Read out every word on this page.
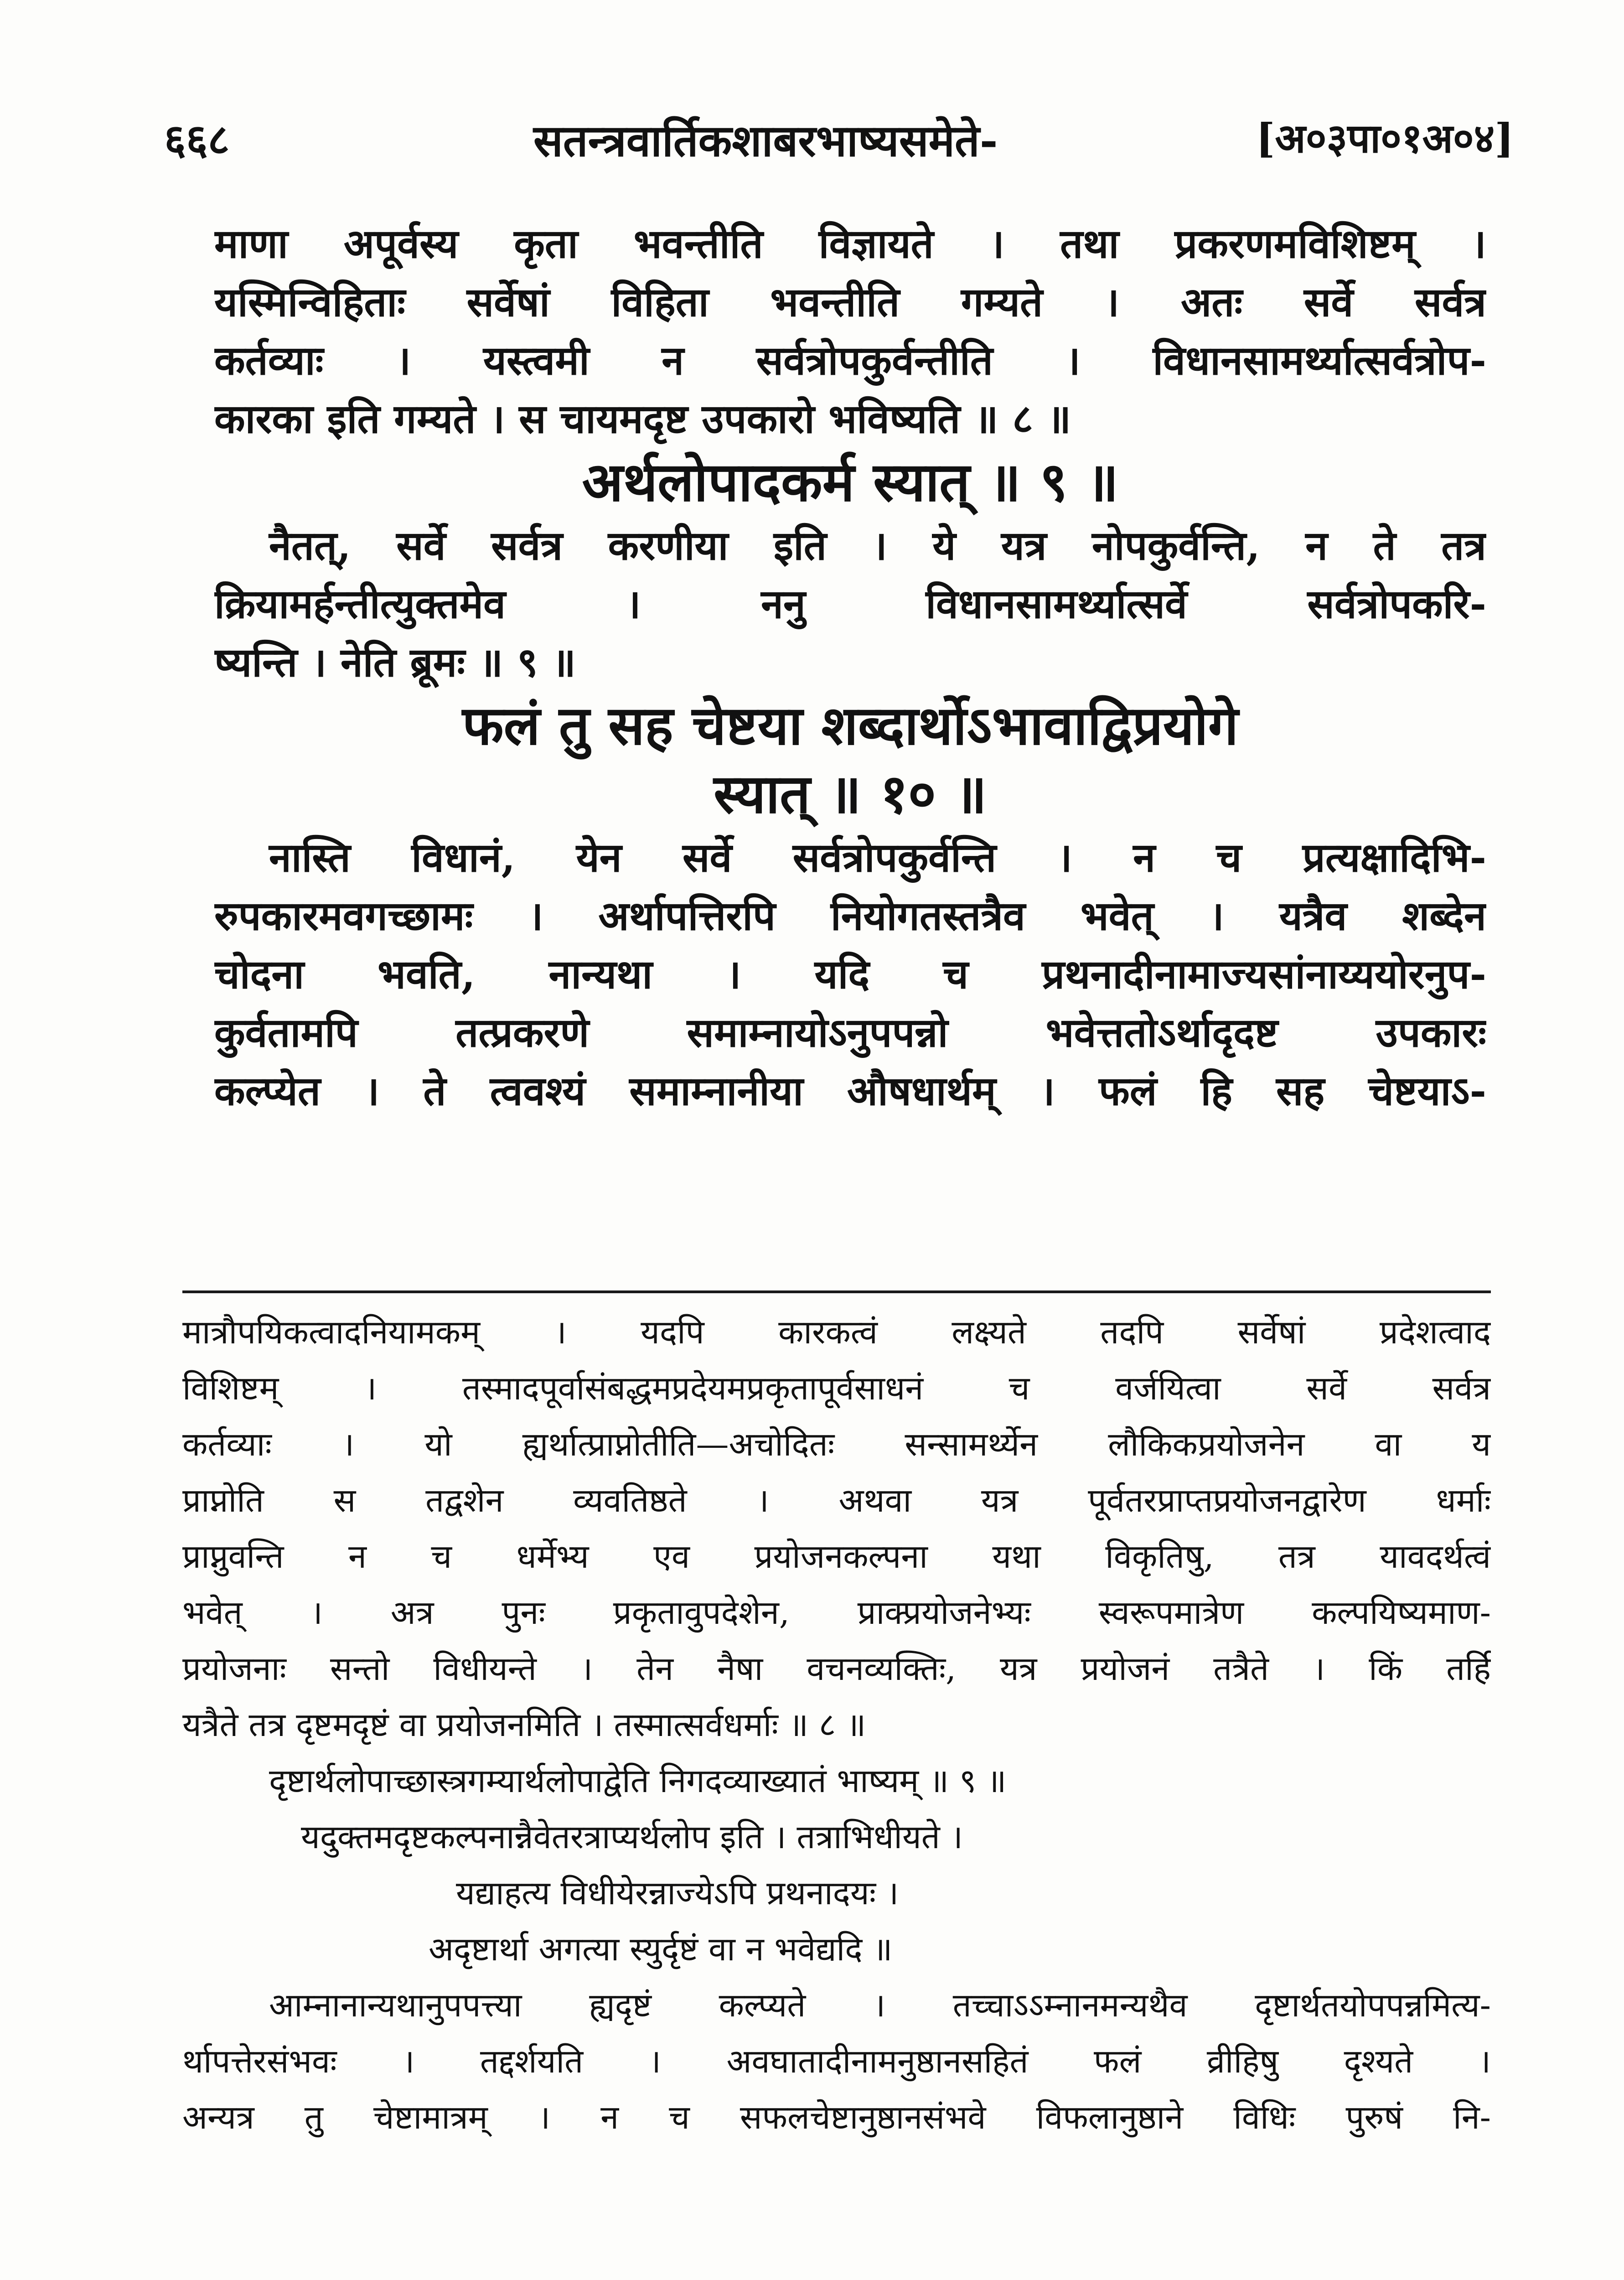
६६८	सतन्त्रवार्तिकशाबरभाष्यसमेते-	[अ०३पा०१अ०४]
माणा अपूर्वस्य कृता भवन्तीति विज्ञायते । तथा प्रकरणमविशिष्टम् ।
यस्मिन्विहिताः सर्वेषां विहिता भवन्तीति गम्यते । अतः सर्वे सर्वत्र
कर्तव्याः । यस्त्वमी न सर्वत्रोपकुर्वन्तीति । विधानसामर्थ्यात्सर्वत्रोप-
कारका इति गम्यते । स चायमदृष्ट उपकारो भविष्यति ॥ ८ ॥
अर्थलोपादकर्म स्यात् ॥ ९ ॥
नैतत्, सर्वे सर्वत्र करणीया इति । ये यत्र नोपकुर्वन्ति, न ते तत्र
क्रियामर्हन्तीत्युक्तमेव । ननु विधानसामर्थ्यात्सर्वे सर्वत्रोपकरि-
ष्यन्ति । नेति ब्रूमः ॥ ९ ॥
फलं तु सह चेष्टया शब्दार्थोऽभावाद्विप्रयोगे
स्यात् ॥ १० ॥
नास्ति विधानं, येन सर्वे सर्वत्रोपकुर्वन्ति । न च प्रत्यक्षादिभि-
रुपकारमवगच्छामः । अर्थापत्तिरपि नियोगतस्तत्रैव भवेत् । यत्रैव शब्देन
चोदना भवति, नान्यथा । यदि च प्रथनादीनामाज्यसांनाय्ययोरनुप-
कुर्वतामपि तत्प्रकरणे समाम्नायोऽनुपपन्नो भवेत्ततोऽर्थादृदष्ट उपकारः
कल्प्येत । ते त्ववश्यं समाम्नानीया औषधार्थम् । फलं हि सह चेष्टयाऽ-
मात्रौपयिकत्वादनियामकम् । यदपि कारकत्वं लक्ष्यते तदपि सर्वेषां प्रदेशत्वाद
विशिष्टम् । तस्मादपूर्वासंबद्धमप्रदेयमप्रकृतापूर्वसाधनं च वर्जयित्वा सर्वे सर्वत्र
कर्तव्याः । यो ह्यर्थात्प्राप्नोतीति—अचोदितः सन्सामर्थ्येन लौकिकप्रयोजनेन वा य
प्राप्नोति स तद्वशेन व्यवतिष्ठते । अथवा यत्र पूर्वतरप्राप्तप्रयोजनद्वारेण धर्माः
प्राप्नुवन्ति न च धर्मेभ्य एव प्रयोजनकल्पना यथा विकृतिषु, तत्र यावदर्थत्वं
भवेत् । अत्र पुनः प्रकृतावुपदेशेन, प्राक्प्रयोजनेभ्यः स्वरूपमात्रेण कल्पयिष्यमाण-
प्रयोजनाः सन्तो विधीयन्ते । तेन नैषा वचनव्यक्तिः, यत्र प्रयोजनं तत्रैते । किं तर्हि
यत्रैते तत्र दृष्टमदृष्टं वा प्रयोजनमिति । तस्मात्सर्वधर्माः ॥ ८ ॥
दृष्टार्थलोपाच्छास्त्रगम्यार्थलोपाद्वेति निगदव्याख्यातं भाष्यम् ॥ ९ ॥
यदुक्तमदृष्टकल्पनान्नैवेतरत्राप्यर्थलोप इति । तत्राभिधीयते ।
यद्याहत्य विधीयेरन्नाज्येऽपि प्रथनादयः ।
अदृष्टार्था अगत्या स्युर्दृष्टं वा न भवेद्यदि ॥
आम्नानान्यथानुपपत्त्या ह्यदृष्टं कल्प्यते । तच्चाऽऽम्नानमन्यथैव दृष्टार्थतयोपपन्नमित्य-
र्थापत्तेरसंभवः । तद्दर्शयति । अवघातादीनामनुष्ठानसहितं फलं व्रीहिषु दृश्यते ।
अन्यत्र तु चेष्टामात्रम् । न च सफलचेष्टानुष्ठानसंभवे विफलानुष्ठाने विधिः पुरुषं नि-
